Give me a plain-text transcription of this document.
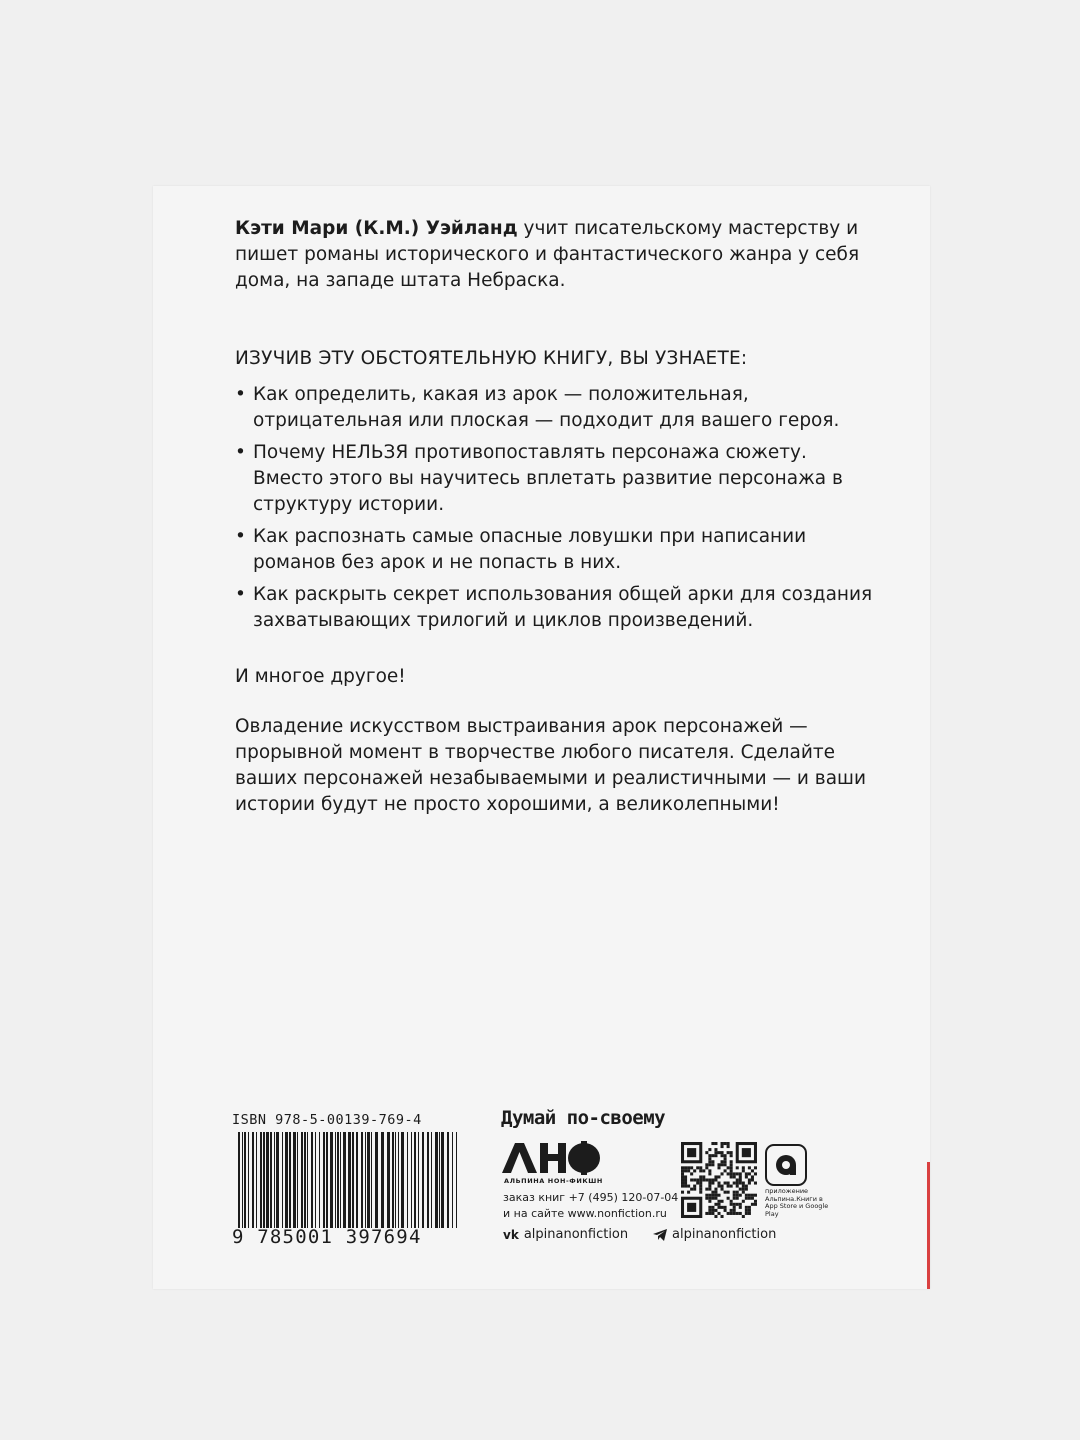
Кэти Мари (К.М.) Уэйланд учит писательскому мастерству и пишет романы исторического и фантастического жанра у себя дома, на западе штата Небраска.
ИЗУЧИВ ЭТУ ОБСТОЯТЕЛЬНУЮ КНИГУ, ВЫ УЗНАЕТЕ:
• Как определить, какая из арок — положительная, отрицательная или плоская — подходит для вашего героя.
• Почему НЕЛЬЗЯ противопоставлять персонажа сюжету. Вместо этого вы научитесь вплетать развитие персонажа в структуру истории.
• Как распознать самые опасные ловушки при написании романов без арок и не попасть в них.
• Как раскрыть секрет использования общей арки для создания захватывающих трилогий и циклов произведений.
И многое другое!
Овладение искусством выстраивания арок персонажей — прорывной момент в творчестве любого писателя. Сделайте ваших персонажей незабываемыми и реалистичными — и ваши истории будут не просто хорошими, а великолепными!
ISBN 978-5-00139-769-4
9 785001 397694
Думай по-своему
АЛЬПИНА НОН-ФИКШН
заказ книг +7 (495) 120-07-04
и на сайте www.nonfiction.ru
vk alpinanonfiction	alpinanonfiction
приложение Альпина.Книги в App Store и Google Play
